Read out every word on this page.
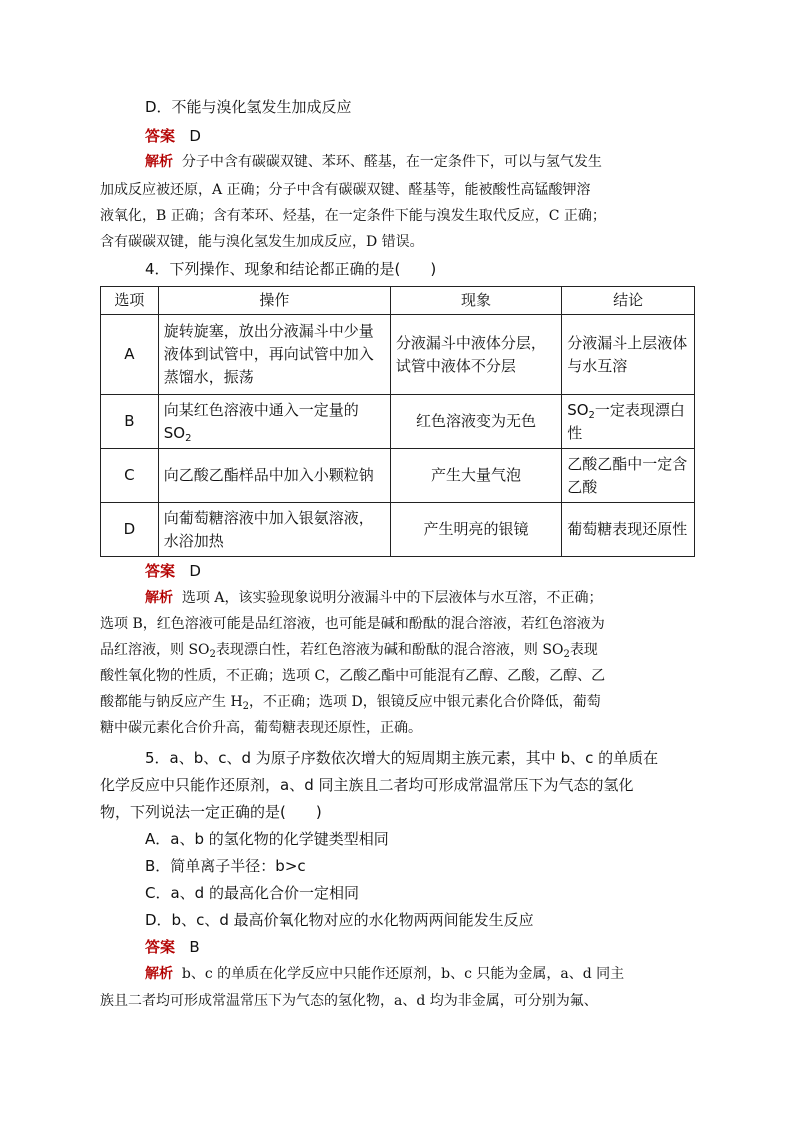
D．不能与溴化氢发生加成反应
答案 D
解析 分子中含有碳碳双键、苯环、醛基，在一定条件下，可以与氢气发生
加成反应被还原，A 正确；分子中含有碳碳双键、醛基等，能被酸性高锰酸钾溶
液氧化，B 正确；含有苯环、烃基，在一定条件下能与溴发生取代反应，C 正确；
含有碳碳双键，能与溴化氢发生加成反应，D 错误。
4．下列操作、现象和结论都正确的是(　　)
选项	操作	现象	结论
A	旋转旋塞，放出分液漏斗中少量液体到试管中，再向试管中加入蒸馏水，振荡	分液漏斗中液体分层，试管中液体不分层	分液漏斗上层液体与水互溶
B	向某红色溶液中通入一定量的$SO_2$	红色溶液变为无色	$SO_2$一定表现漂白性
C	向乙酸乙酯样品中加入小颗粒钠	产生大量气泡	乙酸乙酯中一定含乙酸
D	向葡萄糖溶液中加入银氨溶液，水浴加热	产生明亮的银镜	葡萄糖表现还原性
答案 D
解析 选项 A，该实验现象说明分液漏斗中的下层液体与水互溶，不正确；
选项 B，红色溶液可能是品红溶液，也可能是碱和酚酞的混合溶液，若红色溶液为
品红溶液，则 $SO_2$表现漂白性，若红色溶液为碱和酚酞的混合溶液，则 $SO_2$表现
酸性氧化物的性质，不正确；选项 C，乙酸乙酯中可能混有乙醇、乙酸，乙醇、乙
酸都能与钠反应产生 $H_2$，不正确；选项 D，银镜反应中银元素化合价降低，葡萄
糖中碳元素化合价升高，葡萄糖表现还原性，正确。
5．a、b、c、d 为原子序数依次增大的短周期主族元素，其中 b、c 的单质在
化学反应中只能作还原剂，a、d 同主族且二者均可形成常温常压下为气态的氢化
物，下列说法一定正确的是(　　)
A．a、b 的氢化物的化学键类型相同
B．简单离子半径：b>c
C．a、d 的最高化合价一定相同
D．b、c、d 最高价氧化物对应的水化物两两间能发生反应
答案 B
解析 b、c 的单质在化学反应中只能作还原剂，b、c 只能为金属，a、d 同主
族且二者均可形成常温常压下为气态的氢化物，a、d 均为非金属，可分别为氟、
